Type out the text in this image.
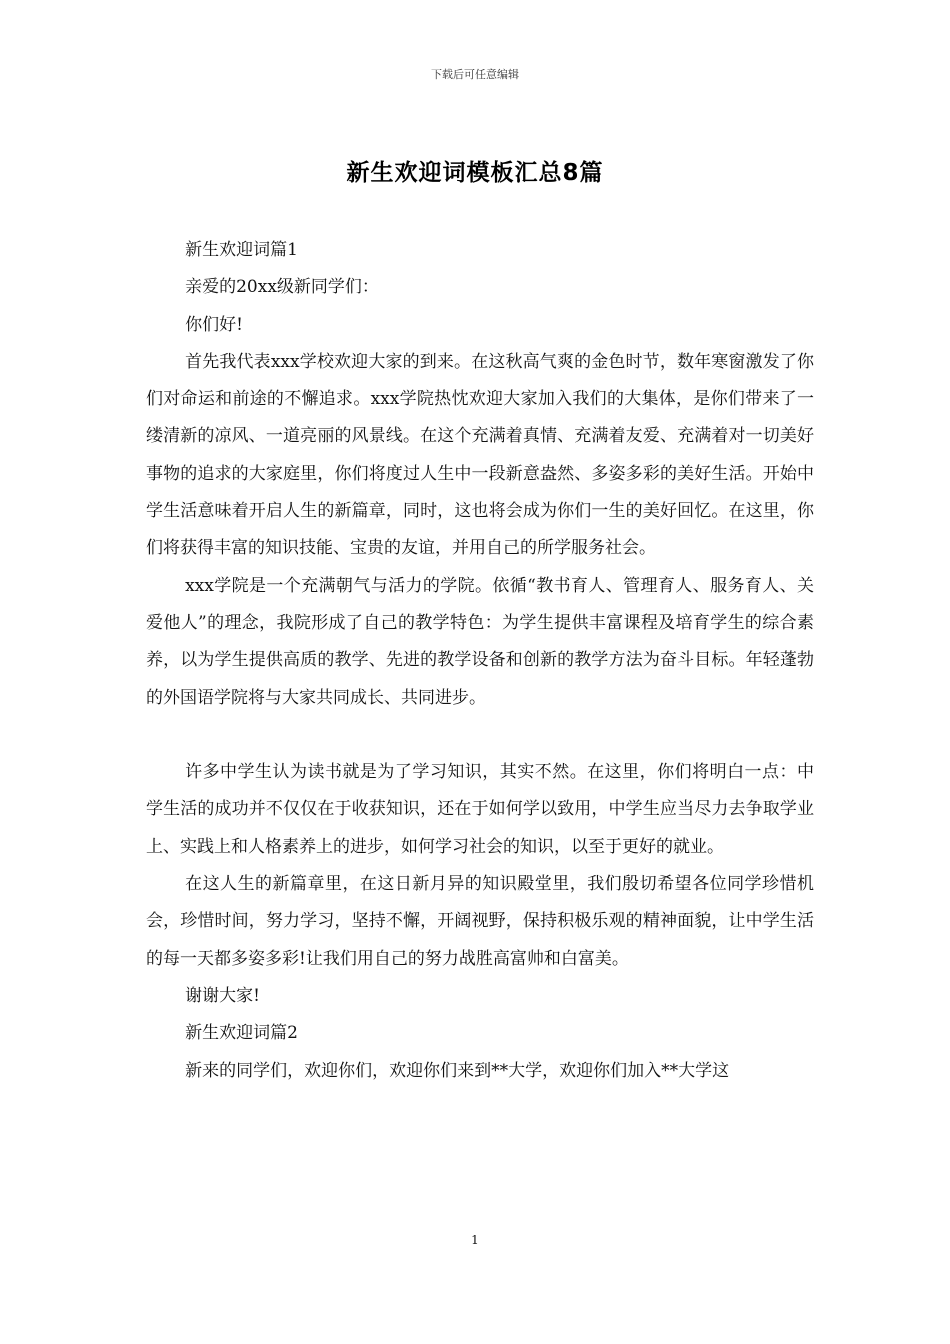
下载后可任意编辑
新生欢迎词模板汇总8篇

新生欢迎词篇1

亲爱的20xx级新同学们：

你们好!

首先我代表xxx学校欢迎大家的到来。在这秋高气爽的金色时节，数年寒窗激发了你们对命运和前途的不懈追求。xxx学院热忱欢迎大家加入我们的大集体，是你们带来了一缕清新的凉风、一道亮丽的风景线。在这个充满着真情、充满着友爱、充满着对一切美好事物的追求的大家庭里，你们将度过人生中一段新意盎然、多姿多彩的美好生活。开始中学生活意味着开启人生的新篇章，同时，这也将会成为你们一生的美好回忆。在这里，你们将获得丰富的知识技能、宝贵的友谊，并用自己的所学服务社会。

xxx学院是一个充满朝气与活力的学院。依循“教书育人、管理育人、服务育人、关爱他人”的理念，我院形成了自己的教学特色：为学生提供丰富课程及培育学生的综合素养，以为学生提供高质的教学、先进的教学设备和创新的教学方法为奋斗目标。年轻蓬勃的外国语学院将与大家共同成长、共同进步。

许多中学生认为读书就是为了学习知识，其实不然。在这里，你们将明白一点：中学生活的成功并不仅仅在于收获知识，还在于如何学以致用，中学生应当尽力去争取学业上、实践上和人格素养上的进步，如何学习社会的知识，以至于更好的就业。

在这人生的新篇章里，在这日新月异的知识殿堂里，我们殷切希望各位同学珍惜机会，珍惜时间，努力学习，坚持不懈，开阔视野，保持积极乐观的精神面貌，让中学生活的每一天都多姿多彩!让我们用自己的努力战胜高富帅和白富美。

谢谢大家!

新生欢迎词篇2

新来的同学们，欢迎你们，欢迎你们来到**大学，欢迎你们加入**大学这

1
